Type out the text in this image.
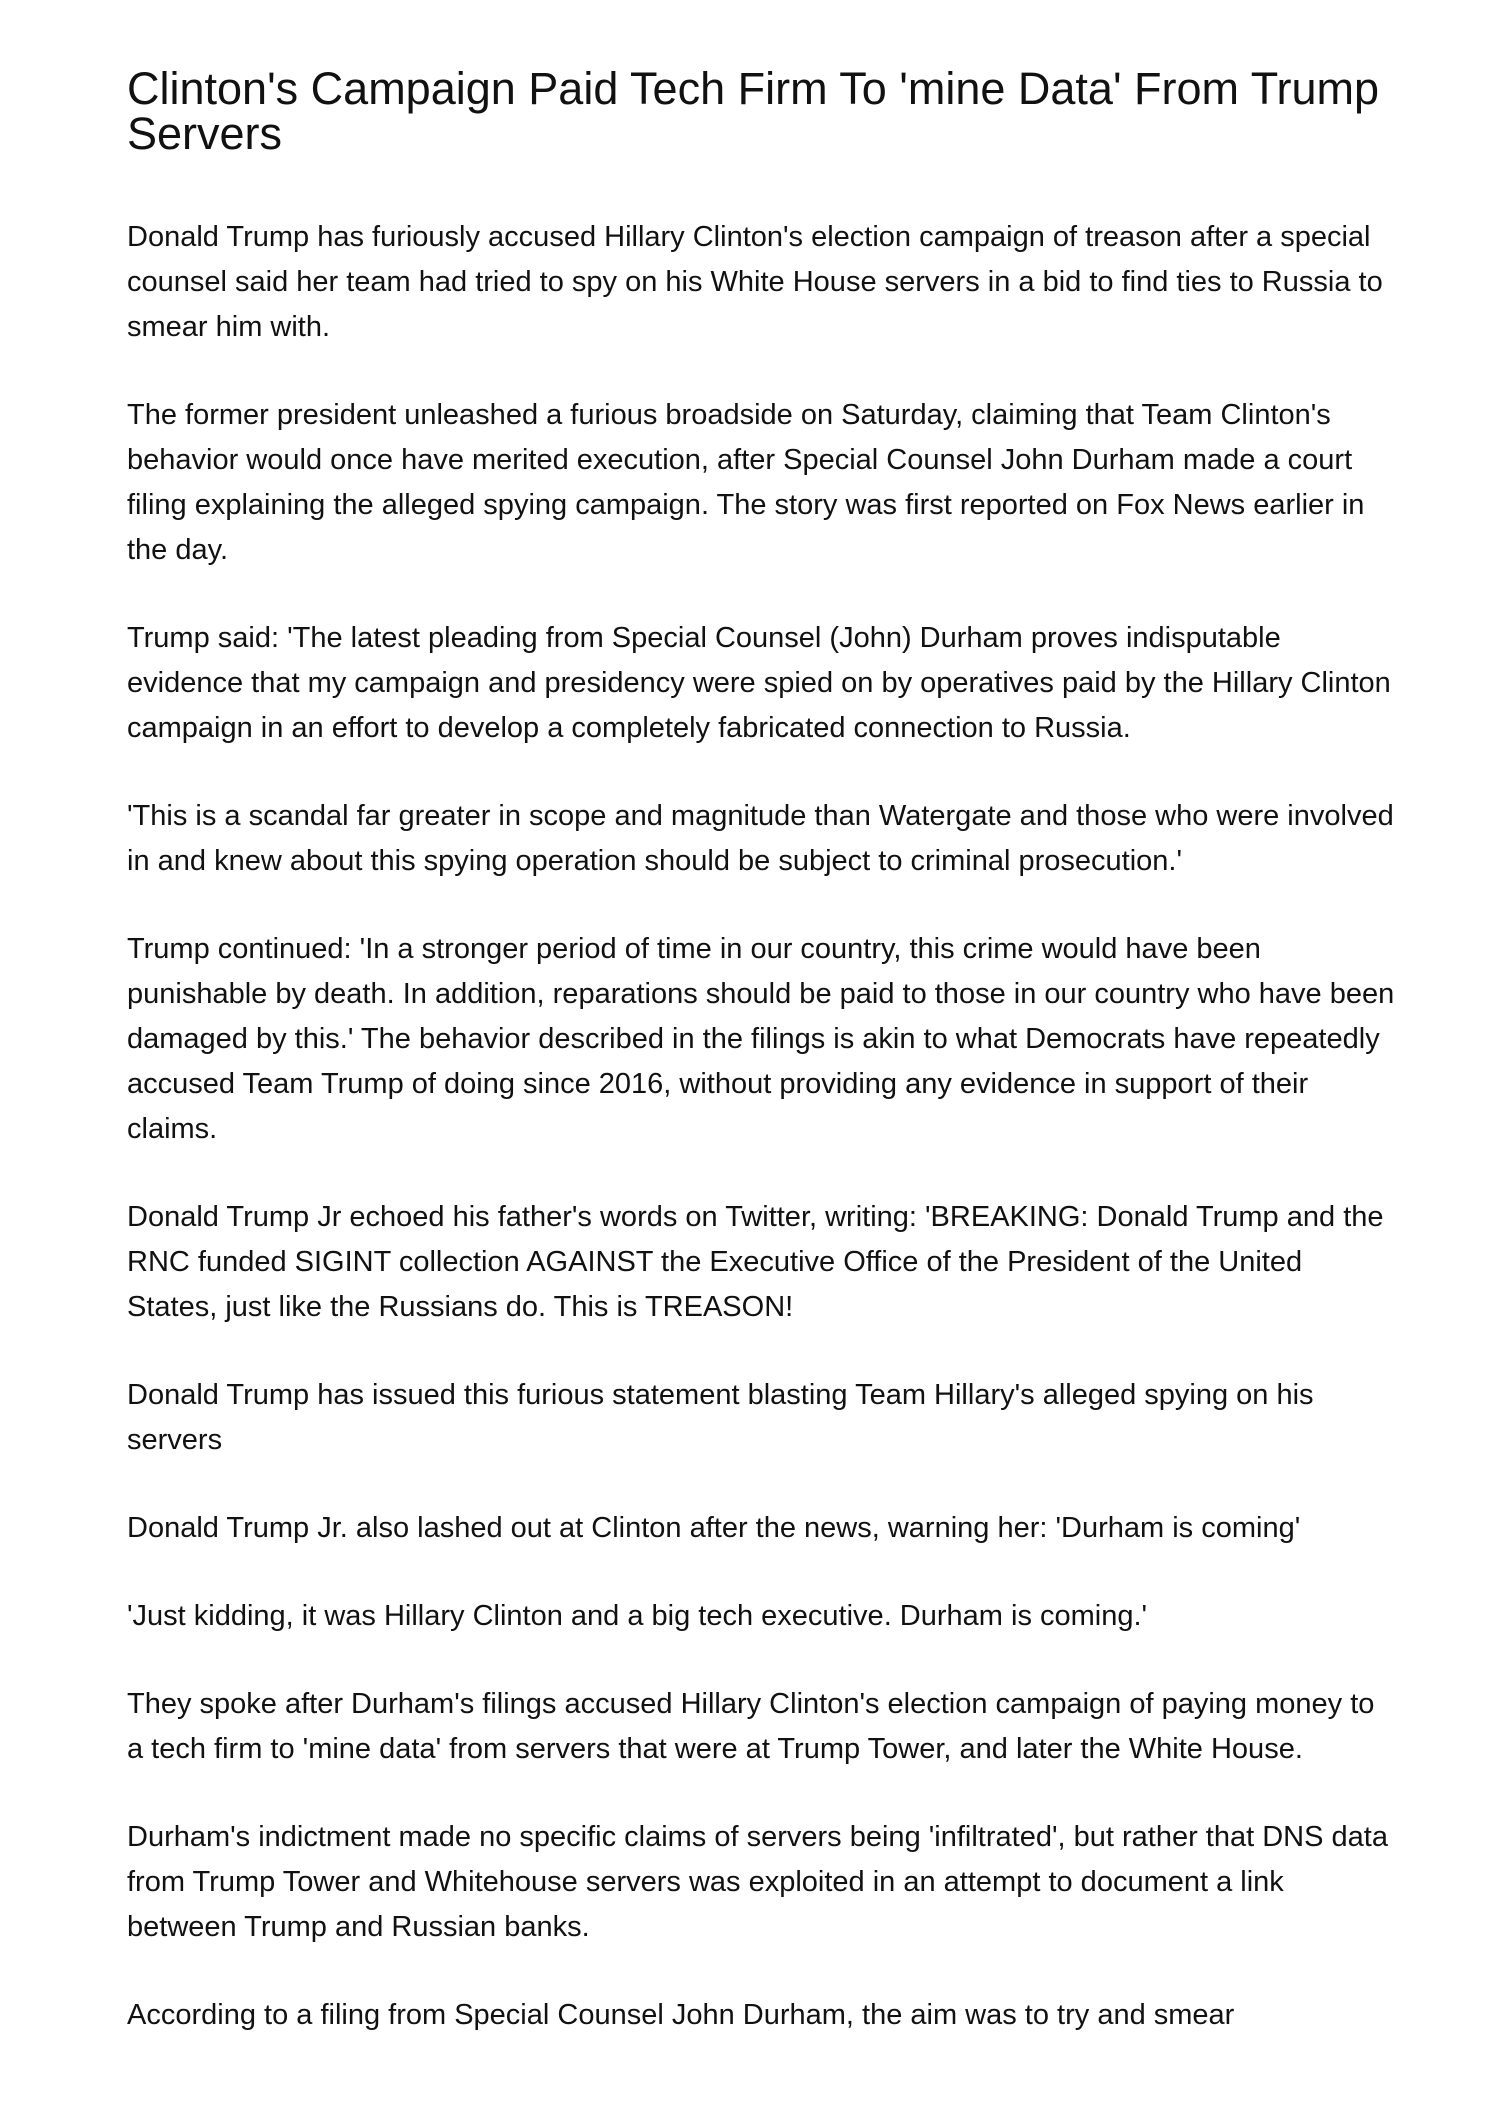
Clinton's Campaign Paid Tech Firm To 'mine Data' From Trump Servers

Donald Trump has furiously accused Hillary Clinton's election campaign of treason after a special counsel said her team had tried to spy on his White House servers in a bid to find ties to Russia to smear him with.

The former president unleashed a furious broadside on Saturday, claiming that Team Clinton's behavior would once have merited execution, after Special Counsel John Durham made a court filing explaining the alleged spying campaign. The story was first reported on Fox News earlier in the day.

Trump said: 'The latest pleading from Special Counsel (John) Durham proves indisputable evidence that my campaign and presidency were spied on by operatives paid by the Hillary Clinton campaign in an effort to develop a completely fabricated connection to Russia.

'This is a scandal far greater in scope and magnitude than Watergate and those who were involved in and knew about this spying operation should be subject to criminal prosecution.'

Trump continued: 'In a stronger period of time in our country, this crime would have been punishable by death. In addition, reparations should be paid to those in our country who have been damaged by this.' The behavior described in the filings is akin to what Democrats have repeatedly accused Team Trump of doing since 2016, without providing any evidence in support of their claims.

Donald Trump Jr echoed his father's words on Twitter, writing: 'BREAKING: Donald Trump and the RNC funded SIGINT collection AGAINST the Executive Office of the President of the United States, just like the Russians do. This is TREASON!

Donald Trump has issued this furious statement blasting Team Hillary's alleged spying on his servers

Donald Trump Jr. also lashed out at Clinton after the news, warning her: 'Durham is coming'

'Just kidding, it was Hillary Clinton and a big tech executive. Durham is coming.'

They spoke after Durham's filings accused Hillary Clinton's election campaign of paying money to a tech firm to 'mine data' from servers that were at Trump Tower, and later the White House.

Durham's indictment made no specific claims of servers being 'infiltrated', but rather that DNS data from Trump Tower and Whitehouse servers was exploited in an attempt to document a link between Trump and Russian banks.

According to a filing from Special Counsel John Durham, the aim was to try and smear
